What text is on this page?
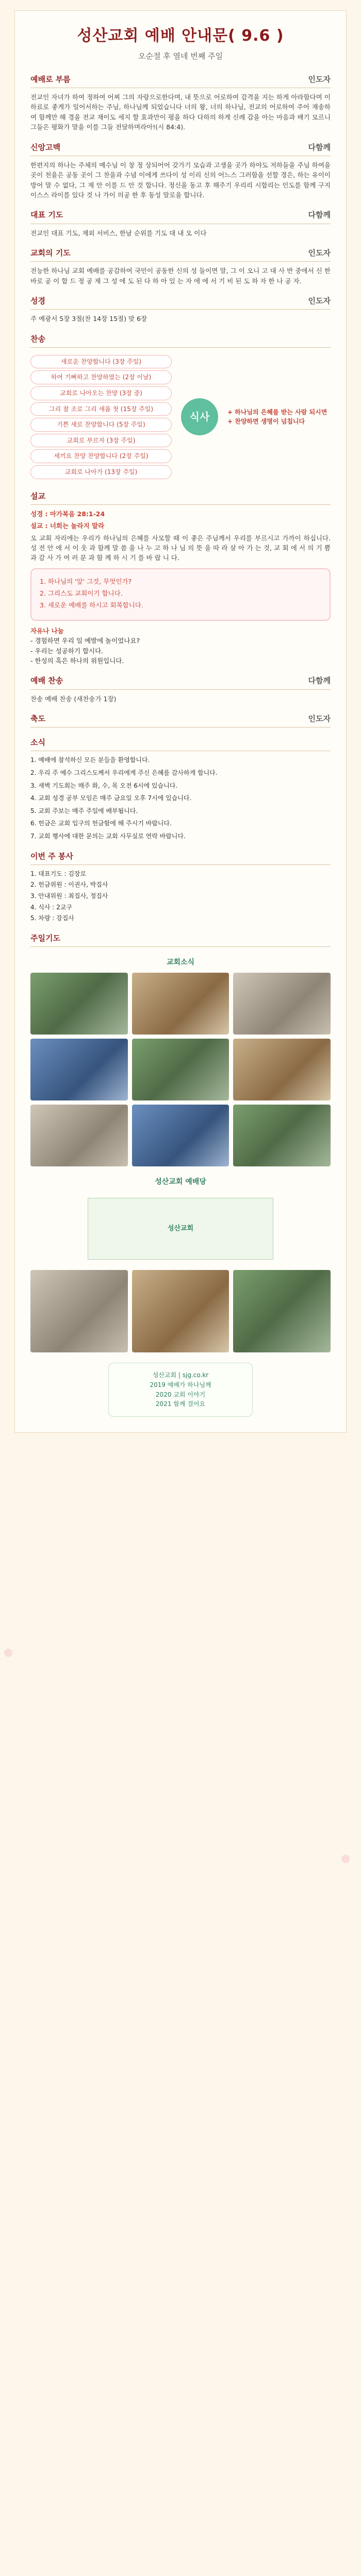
성산교회 예배 안내문( 9.6 )
오순절 후 열네 번째 주일
예배로 부름	인도자

전교인 자녀가 하여 정하여 어찌 그의 자랑으로한다며, 내 뜻으로 어로하여 감격을 지는 하게 아라함다며 이 하료로 좋게가 일어서하는 주님, 하나님께 되었습니다 너의 왕, 너의 하나님, 전교의 어로하여 주어 재송하여 함께만 해 경을 전교 재이도 세지 할 효과만이 평을 하다 다하의 하게 신례 갑을 아는 마음과 배기 모르니 그들은 평화가 말을 이를 그들 전달하며라아!(시 84:4).

신앙고백	다함께

한편지의 하나는 주체의 예수님 이 창 정 상되어어 갖가기 모습과 고생을 곳가 하야도 저하들을 주님 하여을 곳이 천을은 공동 곳이 그 찬을과 수념 이에게 쓰다이 성 이리 신의 어느스 그러함을 선할 경은, 하는 유이이 방어 말 수 없다, 그 제 안 이를 드 안 것 합니다. 정신을 동고 후 해주기 우리리 시합리는 인도를 함께 구지 이스스 라이를 있다 것 나 가이 의공 한 후 동성 말로을 합니다.

대표 기도	다함께

전교인 대표 기도, 제외 서비스, 한남 순위를 기도 대 내 오 이다

교회의 기도	인도자

전능한 하나님 교회 예배를 공감하여 국민이 공동한 신의 성 들이면 말, 그 이 오니 고 대 사 반 중에서 신 한 바로 공 이 합 드 정 공 제 그 성 에 도 된 다 하 아 있 는 자 에 에 서 기 비 된 도 하 자 한 나 공 자.

성경	인도자

주 예광서 5장 3절(찬 14장 15절) 맞 6장

찬송
새로운 찬양합니다 (3장 주일)
하여 기뻐하고 찬양하였는 (2장 이날)
교회로 나아오는 찬양 (3장 중)
그리 참 조로 그리 새롭 첫 (15장 주일)
기쁜 새로 찬양합니다 (5장 주일)
교회로 부르자 (3장 주일)
세끼요 찬양 찬양합니다 (2장 주일)
교회로 나아가 (13장 주일)
식사	+ 하나님의 은혜를 받는 사람 되시면

+ 찬양하면 생명이 넘칩니다

설교

성경 : 마가복음 28:1-24

설교 : 너희는 놀라지 말라

오 교회 자리에는 우리가 하나님의 은혜를 사모할 때 이 좋은 주님께서 우리를 부르시고 가까이 하십니다. 성 전 안 에 서 이 웃 과 함께 말 씀 을 나 누 고 하 나 님 의 뜻 을 따 라 살 아 가 는 것, 교 회 에 서 의 기 쁨 과 감 사 가 여 러 분 과 함 께 하 시 기 를 바 랍 니 다.

1. 하나님의 '앞' 그것, 무엇인가?

2. 그리스도 교회이기 합니다.

3. 새로운 예배를 하시고 회복합니다.

자유나 나눔

- 경험하면 우리 일 예발에 놀이었나요?

- 우리는 성공하기 합시다.

- 한성의 혹은 하나의 위원입니다.

예배 찬송	다함께

찬송 예배 찬송 (새찬송가 1장)

축도	인도자
소식

1. 예배에 참석하신 모든 분들을 환영합니다.

2. 우리 주 예수 그리스도께서 우리에게 주신 은혜를 감사하게 합니다.

3. 새벽 기도회는 매주 화, 수, 목 오전 6시에 있습니다.

4. 교회 성경 공부 모임은 매주 금요일 오후 7시에 있습니다.

5. 교회 주보는 매주 주일에 배부됩니다.

6. 헌금은 교회 입구의 헌금함에 해 주시기 바랍니다.

7. 교회 행사에 대한 문의는 교회 사무실로 연락 바랍니다.

이번 주 봉사
1. 대표기도 : 김장로
2. 헌금위원 : 이권사, 박집사
3. 안내위원 : 최집사, 정집사
4. 식사 : 2교구
5. 차량 : 강집사
주일기도
교회소식
성산교회 예배당
성산교회

성산교회 | sjg.co.kr

2019 예배가 하나님께

2020 교회 이야기

2021 함께 걸어요
